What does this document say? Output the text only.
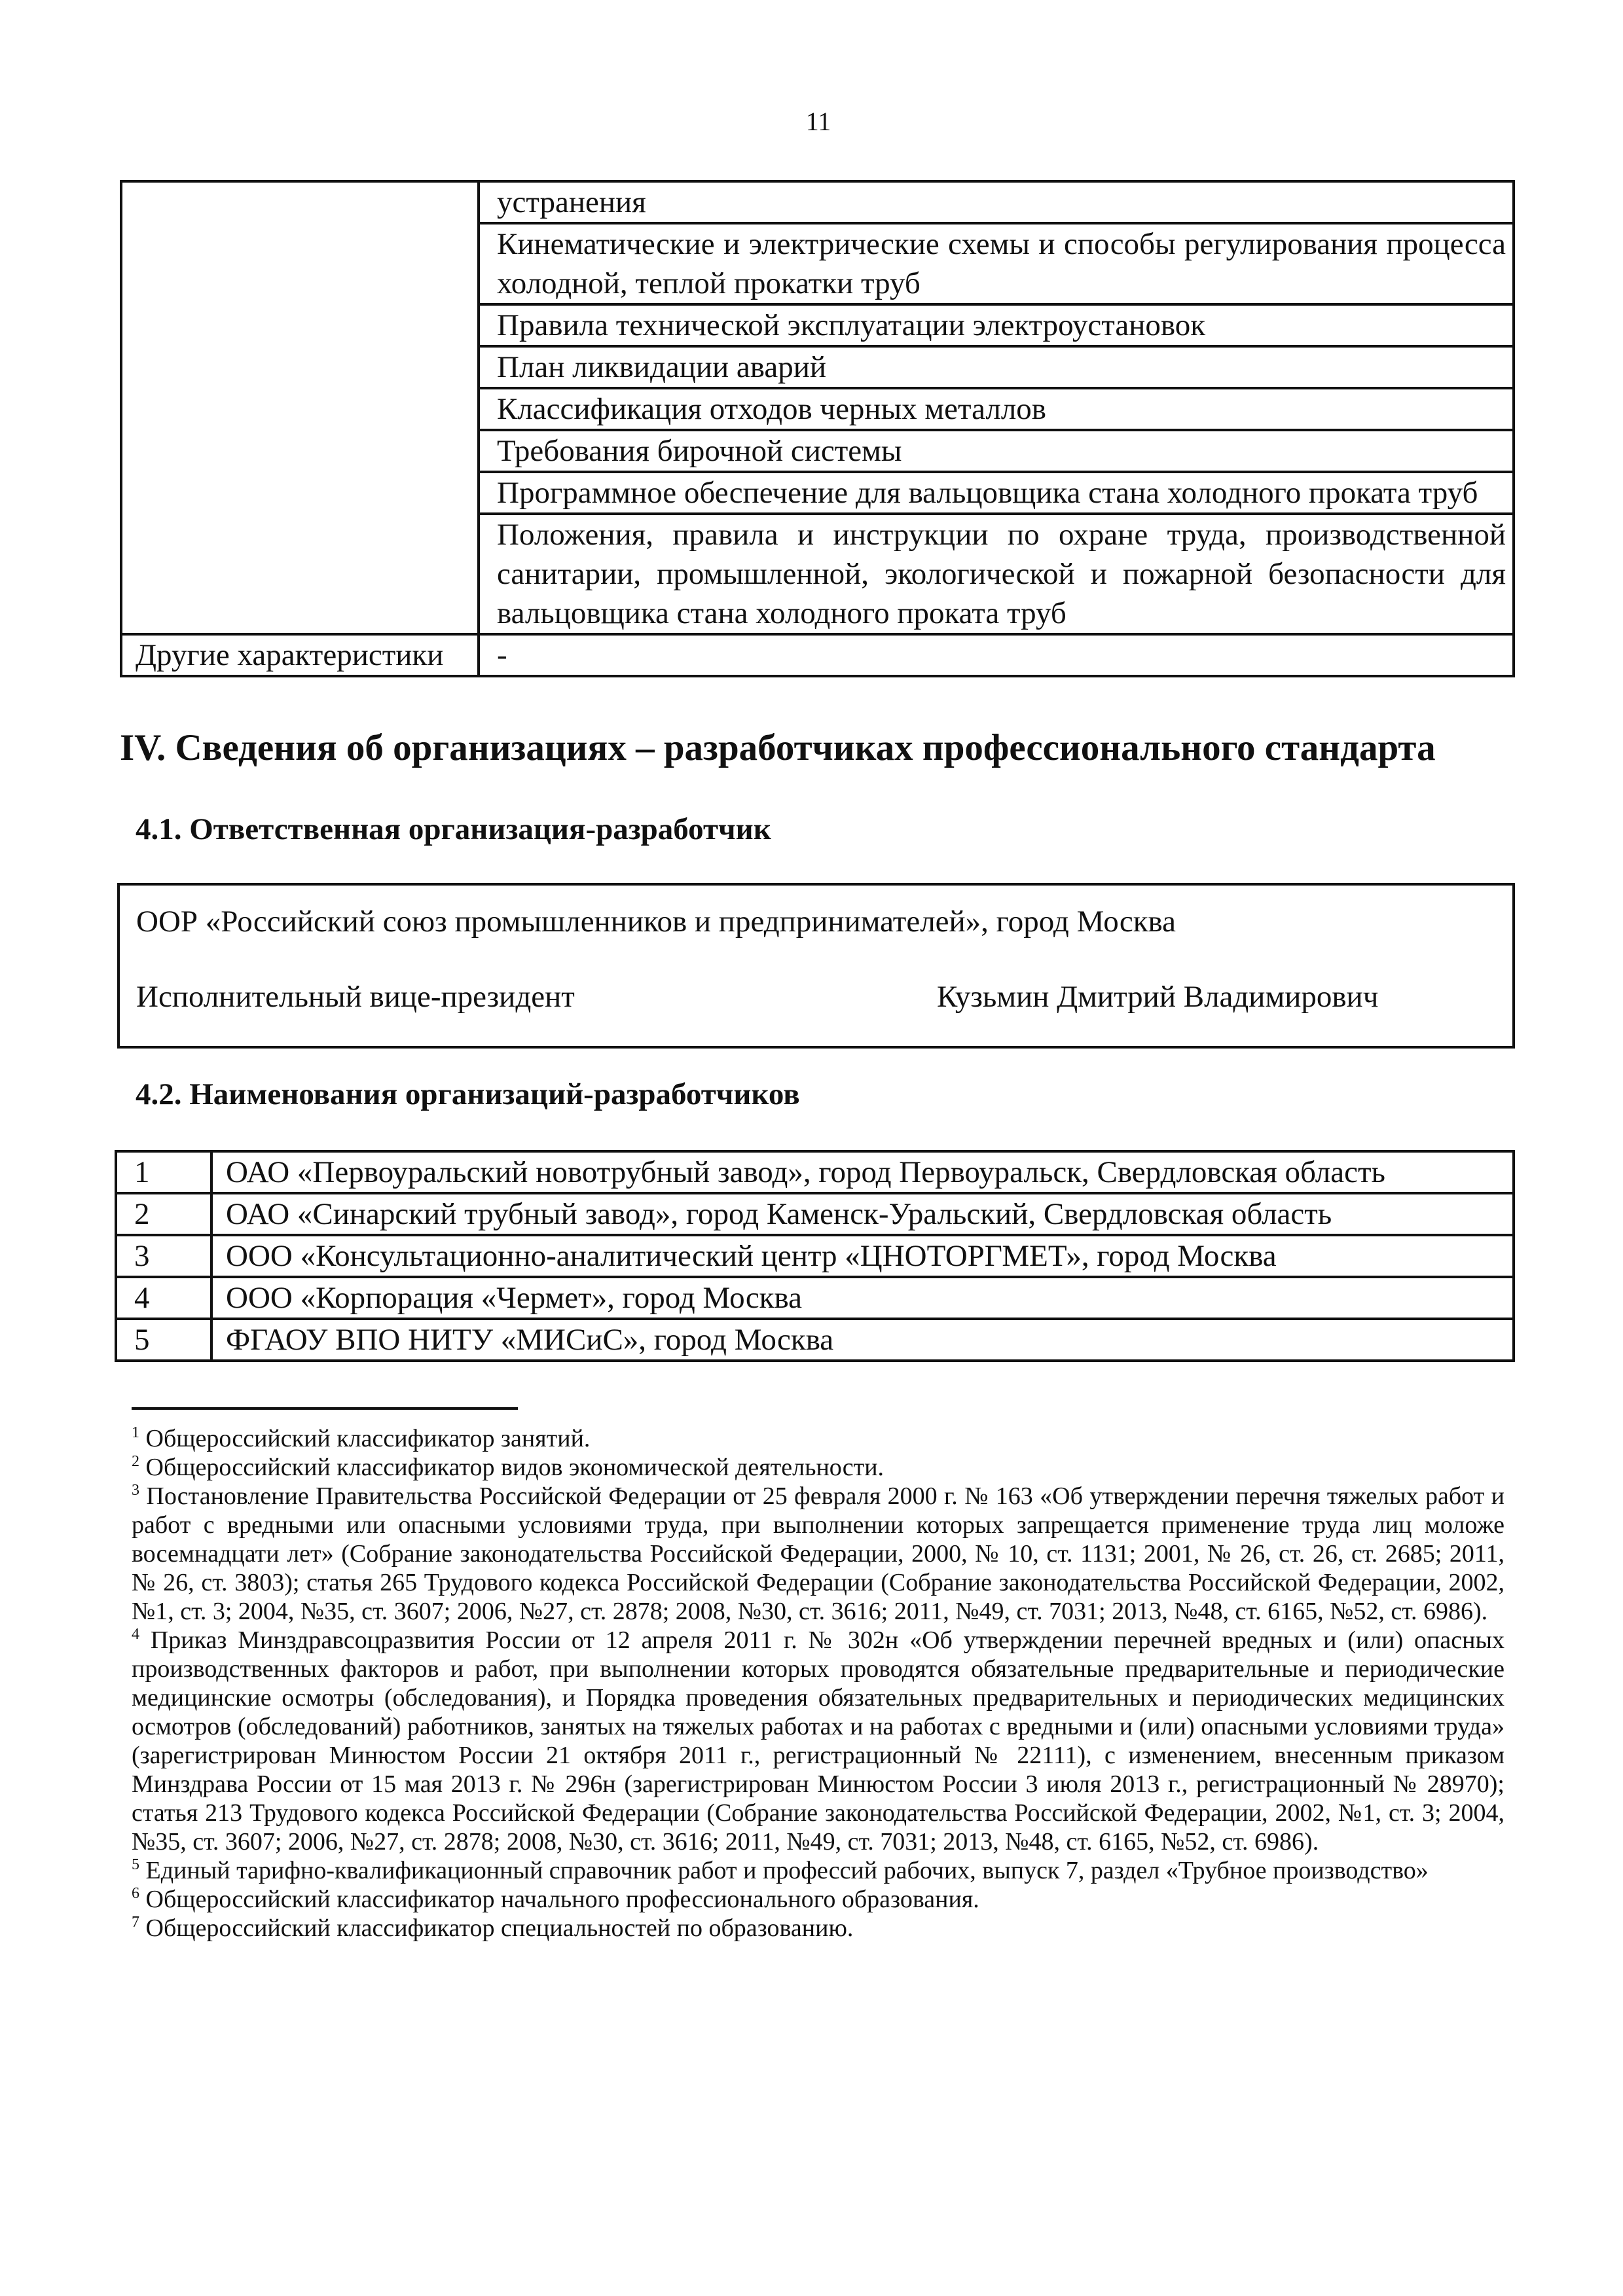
11
	устранения
	Кинематические и электрические схемы и способы регулирования процесса холодной, теплой прокатки труб
	Правила технической эксплуатации электроустановок
	План ликвидации аварий
	Классификация отходов черных металлов
	Требования бирочной системы
	Программное обеспечение для вальцовщика стана холодного проката труб
	Положения, правила и инструкции по охране труда, производственной санитарии, промышленной, экологической и пожарной безопасности для вальцовщика стана холодного проката труб
Другие характеристики	-
IV. Сведения об организациях – разработчиках профессионального стандарта
4.1. Ответственная организация-разработчик
ООР «Российский союз промышленников и предпринимателей», город Москва
Исполнительный вице-президент	Кузьмин Дмитрий Владимирович
4.2. Наименования организаций-разработчиков
1	ОАО «Первоуральский новотрубный завод», город Первоуральск, Свердловская область
2	ОАО «Синарский трубный завод», город Каменск-Уральский, Свердловская область
3	ООО «Консультационно-аналитический центр «ЦНОТОРГМЕТ», город Москва
4	ООО «Корпорация «Чермет», город Москва
5	ФГАОУ ВПО НИТУ «МИСиС», город Москва

$^1$ Общероссийский классификатор занятий.

$^2$ Общероссийский классификатор видов экономической деятельности.

$^3$ Постановление Правительства Российской Федерации от 25 февраля 2000 г. № 163 «Об утверждении перечня тяжелых работ и работ с вредными или опасными условиями труда, при выполнении которых запрещается применение труда лиц моложе восемнадцати лет» (Собрание законодательства Российской Федерации, 2000, № 10, ст. 1131; 2001, № 26, ст. 26, ст. 2685; 2011, № 26, ст. 3803); статья 265 Трудового кодекса Российской Федерации (Собрание законодательства Российской Федерации, 2002, №1, ст. 3; 2004, №35, ст. 3607; 2006, №27, ст. 2878; 2008, №30, ст. 3616; 2011, №49, ст. 7031; 2013, №48, ст. 6165, №52, ст. 6986).

$^4$ Приказ Минздравсоцразвития России от 12 апреля 2011 г. № 302н «Об утверждении перечней вредных и (или) опасных производственных факторов и работ, при выполнении которых проводятся обязательные предварительные и периодические медицинские осмотры (обследования), и Порядка проведения обязательных предварительных и периодических медицинских осмотров (обследований) работников, занятых на тяжелых работах и на работах с вредными и (или) опасными условиями труда» (зарегистрирован Минюстом России 21 октября 2011 г., регистрационный № 22111), с изменением, внесенным приказом Минздрава России от 15 мая 2013 г. № 296н (зарегистрирован Минюстом России 3 июля 2013 г., регистрационный № 28970); статья 213 Трудового кодекса Российской Федерации (Собрание законодательства Российской Федерации, 2002, №1, ст. 3; 2004, №35, ст. 3607; 2006, №27, ст. 2878; 2008, №30, ст. 3616; 2011, №49, ст. 7031; 2013, №48, ст. 6165, №52, ст. 6986).

$^5$ Единый тарифно-квалификационный справочник работ и профессий рабочих, выпуск 7, раздел «Трубное производство»

$^6$ Общероссийский классификатор начального профессионального образования.

$^7$ Общероссийский классификатор специальностей по образованию.
